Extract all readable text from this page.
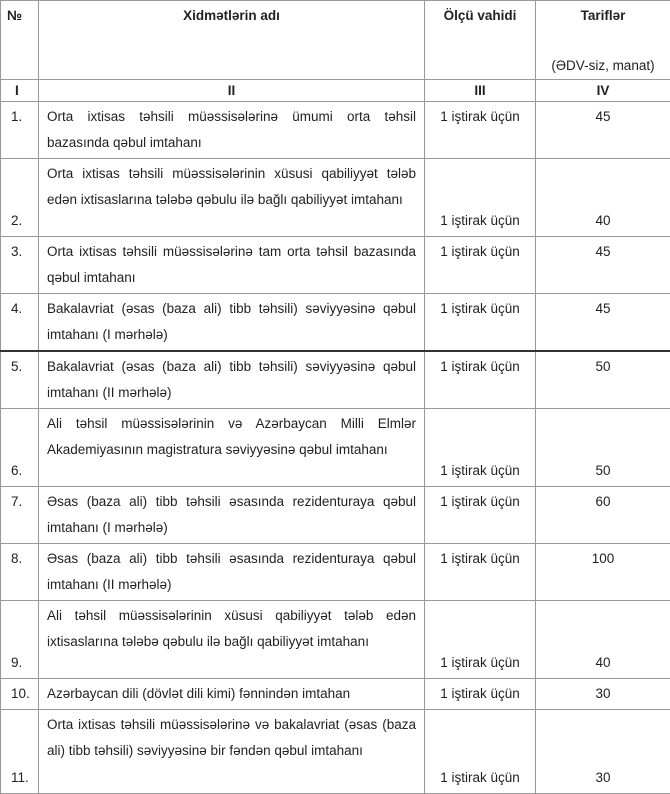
№	Xidmətlərin adı	Ölçü vahidi	Tariflər
(ƏDV-siz, manat)

I	II	III	IV
1.	Orta ixtisas təhsili müəssisələrinə ümumi orta təhsil bazasında qəbul imtahanı	1 iştirak üçün	45
2.	Orta ixtisas təhsili müəssisələrinin xüsusi qabiliyyət tələb edən ixtisaslarına tələbə qəbulu ilə bağlı qabiliyyət imtahanı	1 iştirak üçün	40
3.	Orta ixtisas təhsili müəssisələrinə tam orta təhsil bazasında qəbul imtahanı	1 iştirak üçün	45
4.	Bakalavriat (əsas (baza ali) tibb təhsili) səviyyəsinə qəbul imtahanı (I mərhələ)	1 iştirak üçün	45
5.	Bakalavriat (əsas (baza ali) tibb təhsili) səviyyəsinə qəbul imtahanı (II mərhələ)	1 iştirak üçün	50
6.	Ali təhsil müəssisələrinin və Azərbaycan Milli Elmlər Akademiyasının magistratura səviyyəsinə qəbul imtahanı	1 iştirak üçün	50
7.	Əsas (baza ali) tibb təhsili əsasında rezidenturaya qəbul imtahanı (I mərhələ)	1 iştirak üçün	60
8.	Əsas (baza ali) tibb təhsili əsasında rezidenturaya qəbul imtahanı (II mərhələ)	1 iştirak üçün	100
9.	Ali təhsil müəssisələrinin xüsusi qabiliyyət tələb edən ixtisaslarına tələbə qəbulu ilə bağlı qabiliyyət imtahanı	1 iştirak üçün	40
10.	Azərbaycan dili (dövlət dili kimi) fənnindən imtahan	1 iştirak üçün	30
11.	Orta ixtisas təhsili müəssisələrinə və bakalavriat (əsas (baza ali) tibb təhsili) səviyyəsinə bir fəndən qəbul imtahanı	1 iştirak üçün	30
